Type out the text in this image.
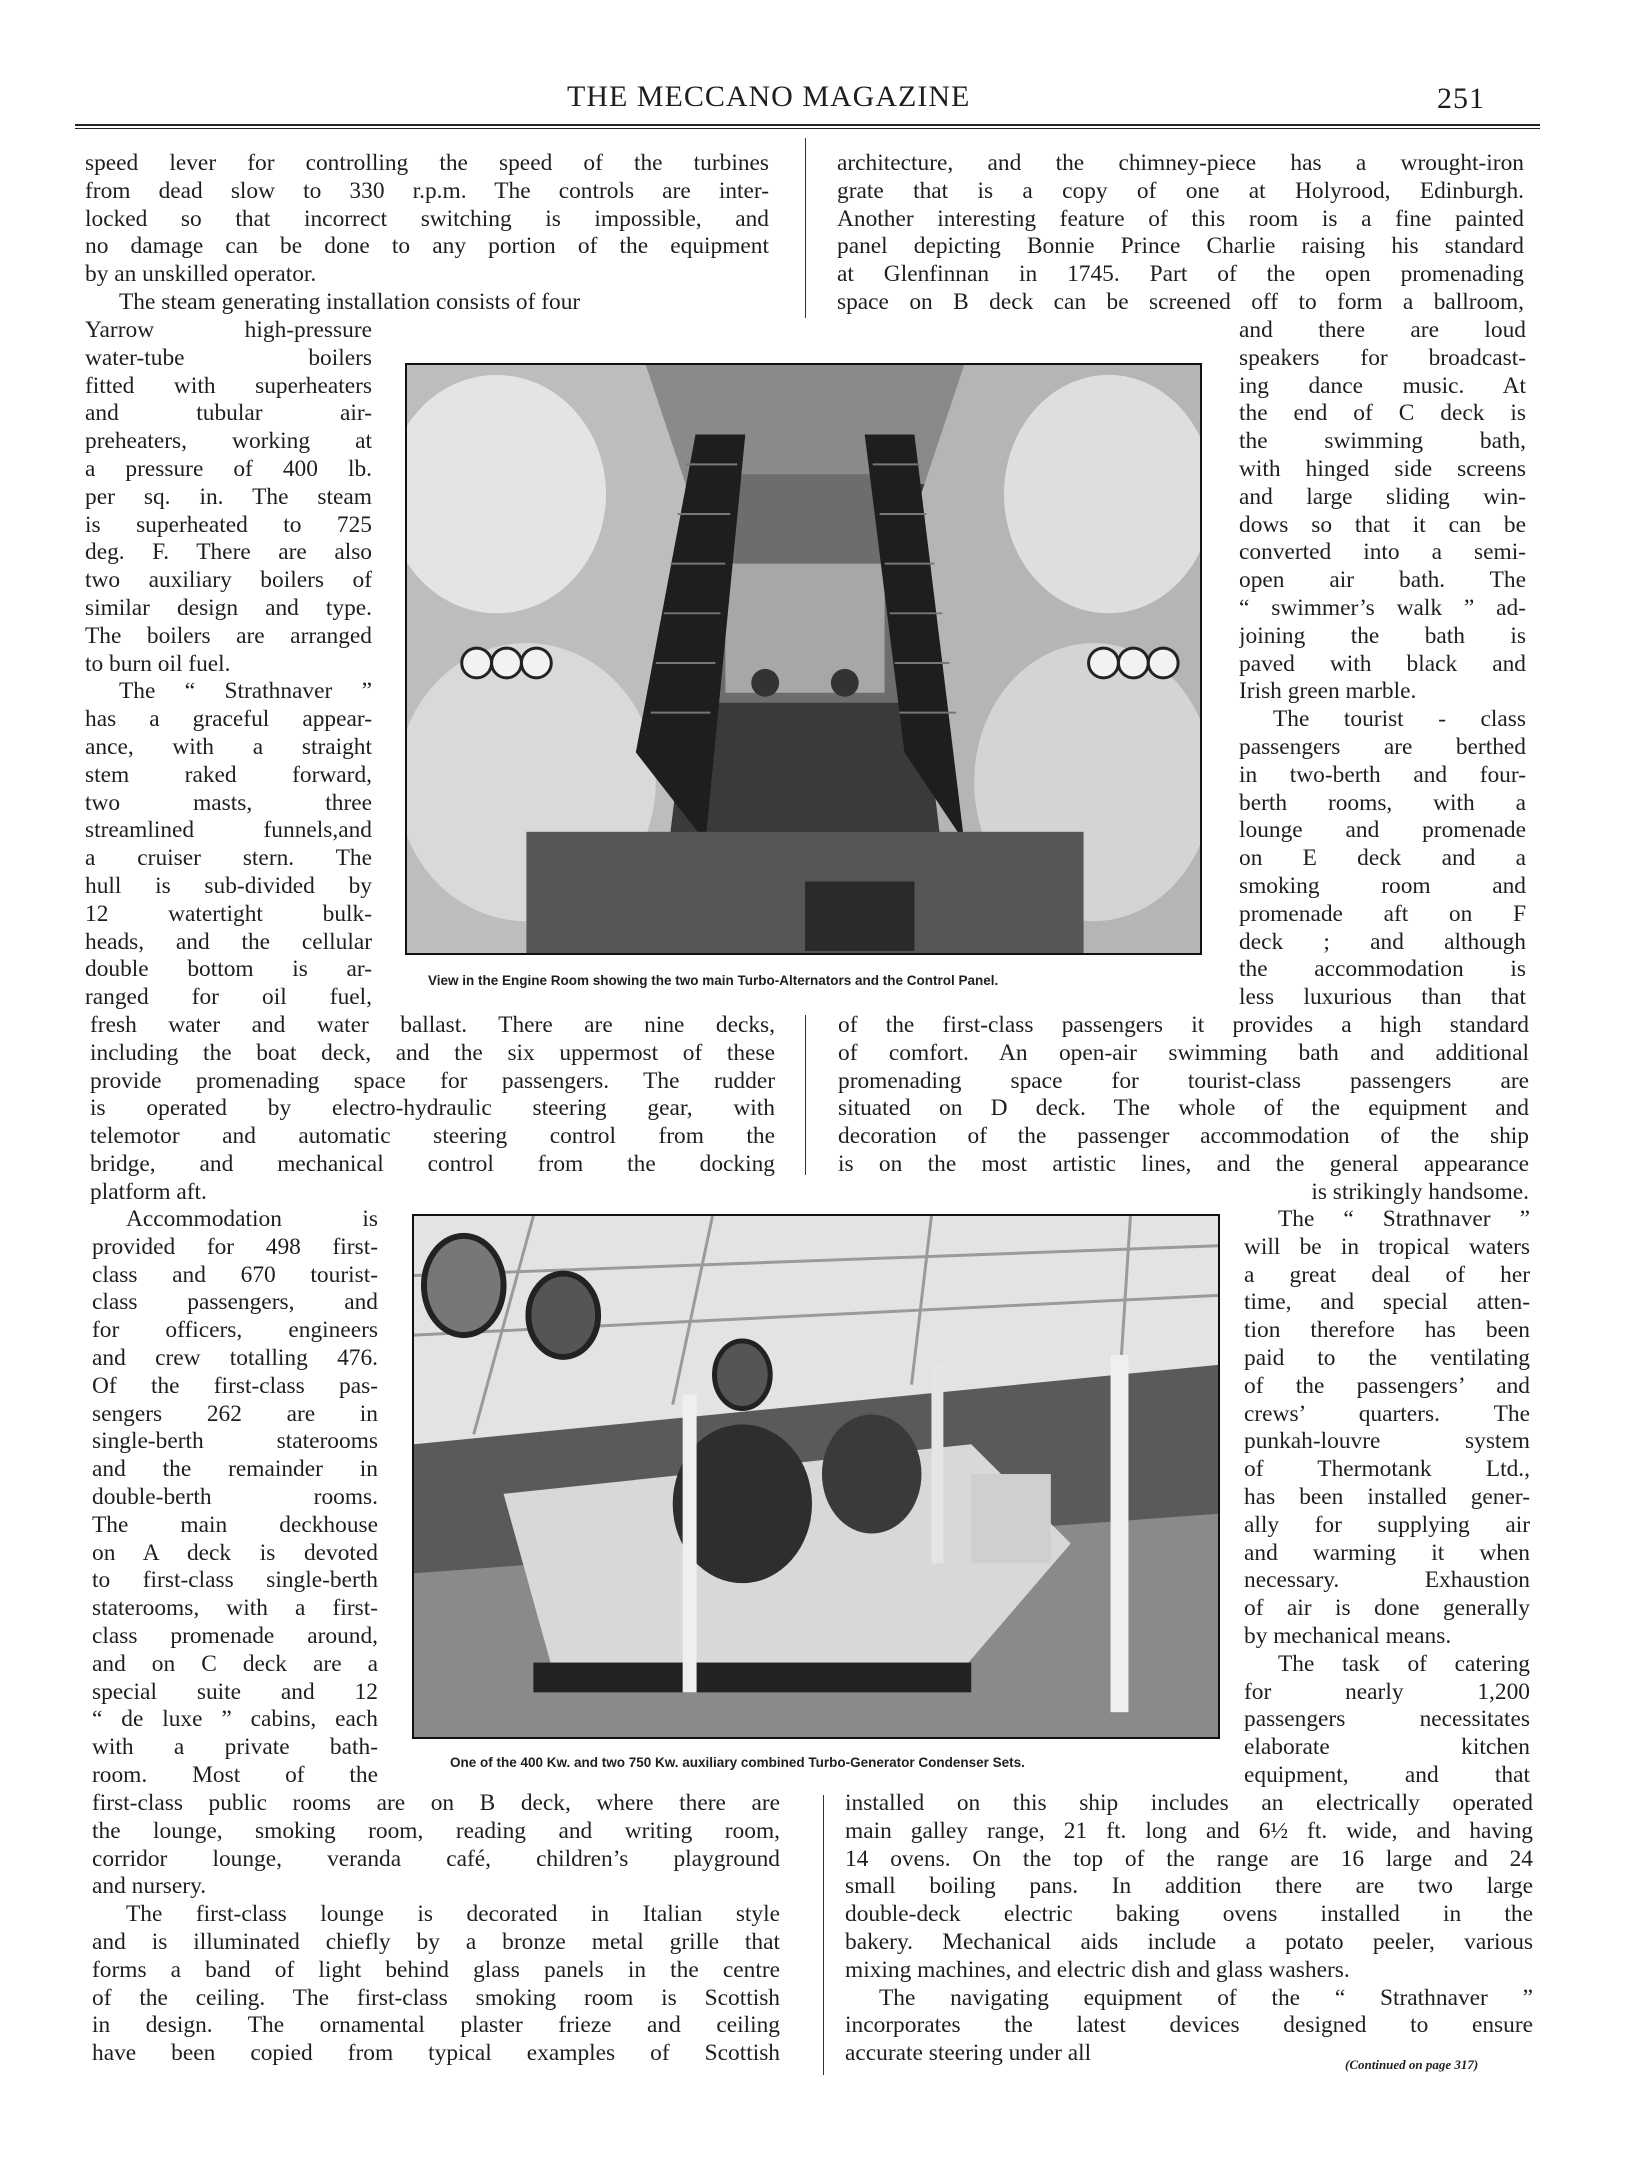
THE MECCANO MAGAZINE	251
speed lever for controlling the speed of the turbines
from dead slow to 330 r.p.m. The controls are inter-
locked so that incorrect switching is impossible, and
no damage can be done to any portion of the equipment
by an unskilled operator.
The steam generating installation consists of four
architecture, and the chimney-piece has a wrought-iron
grate that is a copy of one at Holyrood, Edinburgh.
Another interesting feature of this room is a fine painted
panel depicting Bonnie Prince Charlie raising his standard
at Glenfinnan in 1745. Part of the open promenading
space on B deck can be screened off to form a ballroom,
Yarrow high-pressure
water-tube boilers
fitted with superheaters
and tubular air-
preheaters, working at
a pressure of 400 lb.
per sq. in. The steam
is superheated to 725
deg. F. There are also
two auxiliary boilers of
similar design and type.
The boilers are arranged
to burn oil fuel.
The “ Strathnaver ”
has a graceful appear-
ance, with a straight
stem raked forward,
two masts, three
streamlined funnels,and
a cruiser stern. The
hull is sub-divided by
12 watertight bulk-
heads, and the cellular
double bottom is ar-
ranged for oil fuel,
and there are loud
speakers for broadcast-
ing dance music. At
the end of C deck is
the swimming bath,
with hinged side screens
and large sliding win-
dows so that it can be
converted into a semi-
open air bath. The
“ swimmer’s walk ” ad-
joining the bath is
paved with black and
Irish green marble.
The tourist - class
passengers are berthed
in two-berth and four-
berth rooms, with a
lounge and promenade
on E deck and a
smoking room and
promenade aft on F
deck ; and although
the accommodation is
less luxurious than that
fresh water and water ballast. There are nine decks,
including the boat deck, and the six uppermost of these
provide promenading space for passengers. The rudder
is operated by electro-hydraulic steering gear, with
telemotor and automatic steering control from the
bridge, and mechanical control from the docking
platform aft.
of the first-class passengers it provides a high standard
of comfort. An open-air swimming bath and additional
promenading space for tourist-class passengers are
situated on D deck. The whole of the equipment and
decoration of the passenger accommodation of the ship
is on the most artistic lines, and the general appearance
is strikingly handsome.
Accommodation is
provided for 498 first-
class and 670 tourist-
class passengers, and
for officers, engineers
and crew totalling 476.
Of the first-class pas-
sengers 262 are in
single-berth staterooms
and the remainder in
double-berth rooms.
The main deckhouse
on A deck is devoted
to first-class single-berth
staterooms, with a first-
class promenade around,
and on C deck are a
special suite and 12
“ de luxe ” cabins, each
with a private bath-
room. Most of the
The “ Strathnaver ”
will be in tropical waters
a great deal of her
time, and special atten-
tion therefore has been
paid to the ventilating
of the passengers’ and
crews’ quarters. The
punkah-louvre system
of Thermotank Ltd.,
has been installed gener-
ally for supplying air
and warming it when
necessary. Exhaustion
of air is done generally
by mechanical means.
The task of catering
for nearly 1,200
passengers necessitates
elaborate kitchen
equipment, and that
first-class public rooms are on B deck, where there are
the lounge, smoking room, reading and writing room,
corridor lounge, veranda café, children’s playground
and nursery.
The first-class lounge is decorated in Italian style
and is illuminated chiefly by a bronze metal grille that
forms a band of light behind glass panels in the centre
of the ceiling. The first-class smoking room is Scottish
in design. The ornamental plaster frieze and ceiling
have been copied from typical examples of Scottish
installed on this ship includes an electrically operated
main galley range, 21 ft. long and 6½ ft. wide, and having
14 ovens. On the top of the range are 16 large and 24
small boiling pans. In addition there are two large
double-deck electric baking ovens installed in the
bakery. Mechanical aids include a potato peeler, various
mixing machines, and electric dish and glass washers.
The navigating equipment of the “ Strathnaver ”
incorporates the latest devices designed to ensure
accurate steering under all	(Continued on page 317)
View in the Engine Room showing the two main Turbo-Alternators and the Control Panel.
One of the 400 Kw. and two 750 Kw. auxiliary combined Turbo-Generator Condenser Sets.
